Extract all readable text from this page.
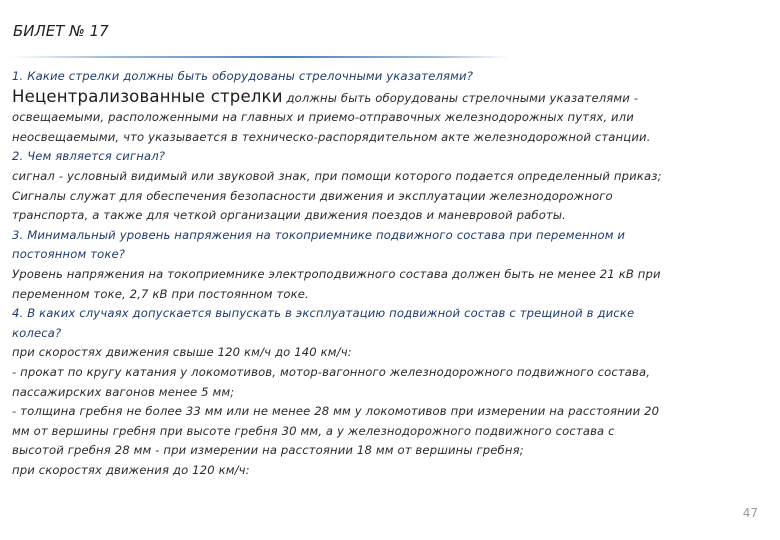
БИЛЕТ № 17
1. Какие стрелки должны быть оборудованы стрелочными указателями?
Нецентрализованные стрелки должны быть оборудованы стрелочными указателями -
освещаемыми, расположенными на главных и приемо-отправочных железнодорожных путях, или
неосвещаемыми, что указывается в техническо-распорядительном акте железнодорожной станции.
2. Чем является сигнал?
сигнал - условный видимый или звуковой знак, при помощи которого подается определенный приказ;
Сигналы служат для обеспечения безопасности движения и эксплуатации железнодорожного
транспорта, а также для четкой организации движения поездов и маневровой работы.
3. Минимальный уровень напряжения на токоприемнике подвижного состава при переменном и
постоянном токе?
Уровень напряжения на токоприемнике электроподвижного состава должен быть не менее 21 кВ при
переменном токе, 2,7 кВ при постоянном токе.
4. В каких случаях допускается выпускать в эксплуатацию подвижной состав с трещиной в диске
колеса?
при скоростях движения свыше 120 км/ч до 140 км/ч:
- прокат по кругу катания у локомотивов, мотор-вагонного железнодорожного подвижного состава,
пассажирских вагонов менее 5 мм;
- толщина гребня не более 33 мм или не менее 28 мм у локомотивов при измерении на расстоянии 20
мм от вершины гребня при высоте гребня 30 мм, а у железнодорожного подвижного состава с
высотой гребня 28 мм - при измерении на расстоянии 18 мм от вершины гребня;
при скоростях движения до 120 км/ч:
47
